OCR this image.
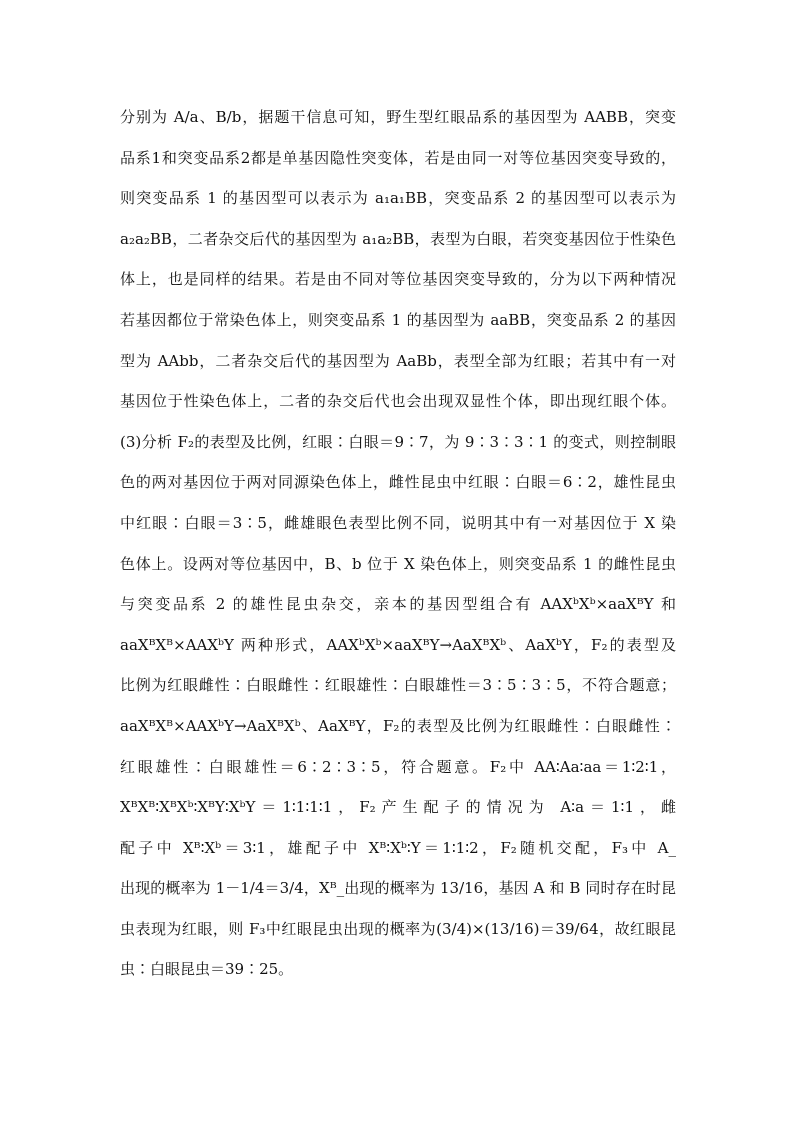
分别为 A/a、B/b，据题干信息可知，野生型红眼品系的基因型为 AABB，突变
品系1和突变品系2都是单基因隐性突变体，若是由同一对等位基因突变导致的，
则突变品系 1 的基因型可以表示为 a₁a₁BB，突变品系 2 的基因型可以表示为
a₂a₂BB，二者杂交后代的基因型为 a₁a₂BB，表型为白眼，若突变基因位于性染色
体上，也是同样的结果。若是由不同对等位基因突变导致的，分为以下两种情况
若基因都位于常染色体上，则突变品系 1 的基因型为 aaBB，突变品系 2 的基因
型为 AAbb，二者杂交后代的基因型为 AaBb，表型全部为红眼；若其中有一对
基因位于性染色体上，二者的杂交后代也会出现双显性个体，即出现红眼个体。
(3)分析 F₂的表型及比例，红眼∶白眼＝9∶7，为 9∶3∶3∶1 的变式，则控制眼
色的两对基因位于两对同源染色体上，雌性昆虫中红眼∶白眼＝6∶2，雄性昆虫
中红眼∶白眼＝3∶5，雌雄眼色表型比例不同，说明其中有一对基因位于 X 染
色体上。设两对等位基因中，B、b 位于 X 染色体上，则突变品系 1 的雌性昆虫
与突变品系 2 的雄性昆虫杂交，亲本的基因型组合有 AAXᵇXᵇ×aaXᴮY 和
aaXᴮXᴮ×AAXᵇY 两种形式，AAXᵇXᵇ×aaXᴮY→AaXᴮXᵇ、AaXᵇY，F₂的表型及
比例为红眼雌性∶白眼雌性∶红眼雄性∶白眼雄性＝3∶5∶3∶5，不符合题意；
aaXᴮXᴮ×AAXᵇY→AaXᴮXᵇ、AaXᴮY，F₂的表型及比例为红眼雌性∶白眼雌性∶
红眼雄性∶白眼雄性＝6∶2∶3∶5，符合题意。F₂中 AA∶Aa∶aa＝1∶2∶1，
XᴮXᴮ∶XᴮXᵇ∶XᴮY∶XᵇY＝1∶1∶1∶1，F₂产生配子的情况为 A∶a＝1∶1，雌
配子中 Xᴮ∶Xᵇ＝3∶1，雄配子中 Xᴮ∶Xᵇ∶Y＝1∶1∶2，F₂随机交配，F₃中 A_
出现的概率为 1－1/4＝3/4，Xᴮ_出现的概率为 13/16，基因 A 和 B 同时存在时昆
虫表现为红眼，则 F₃中红眼昆虫出现的概率为(3/4)×(13/16)＝39/64，故红眼昆
虫∶白眼昆虫＝39∶25。
